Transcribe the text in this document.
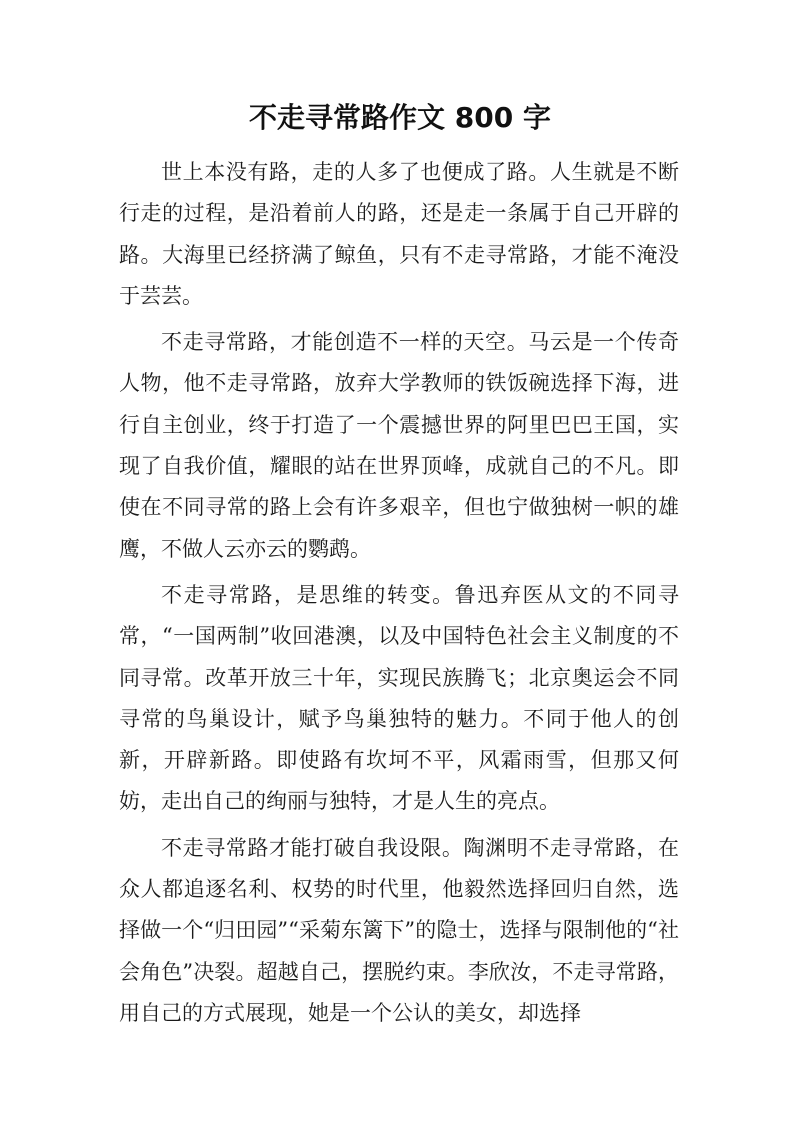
不走寻常路作文 800 字

世上本没有路，走的人多了也便成了路。人生就是不断行走的过程，是沿着前人的路，还是走一条属于自己开辟的路。大海里已经挤满了鲸鱼，只有不走寻常路，才能不淹没于芸芸。

不走寻常路，才能创造不一样的天空。马云是一个传奇人物，他不走寻常路，放弃大学教师的铁饭碗选择下海，进行自主创业，终于打造了一个震撼世界的阿里巴巴王国，实现了自我价值，耀眼的站在世界顶峰，成就自己的不凡。即使在不同寻常的路上会有许多艰辛，但也宁做独树一帜的雄鹰，不做人云亦云的鹦鹉。

不走寻常路，是思维的转变。鲁迅弃医从文的不同寻常，“一国两制”收回港澳，以及中国特色社会主义制度的不同寻常。改革开放三十年，实现民族腾飞；北京奥运会不同寻常的鸟巢设计，赋予鸟巢独特的魅力。不同于他人的创新，开辟新路。即使路有坎坷不平，风霜雨雪，但那又何妨，走出自己的绚丽与独特，才是人生的亮点。

不走寻常路才能打破自我设限。陶渊明不走寻常路，在众人都追逐名利、权势的时代里，他毅然选择回归自然，选择做一个“归田园”“采菊东篱下”的隐士，选择与限制他的“社会角色”决裂。超越自己，摆脱约束。李欣汝，不走寻常路，用自己的方式展现，她是一个公认的美女，却选择
